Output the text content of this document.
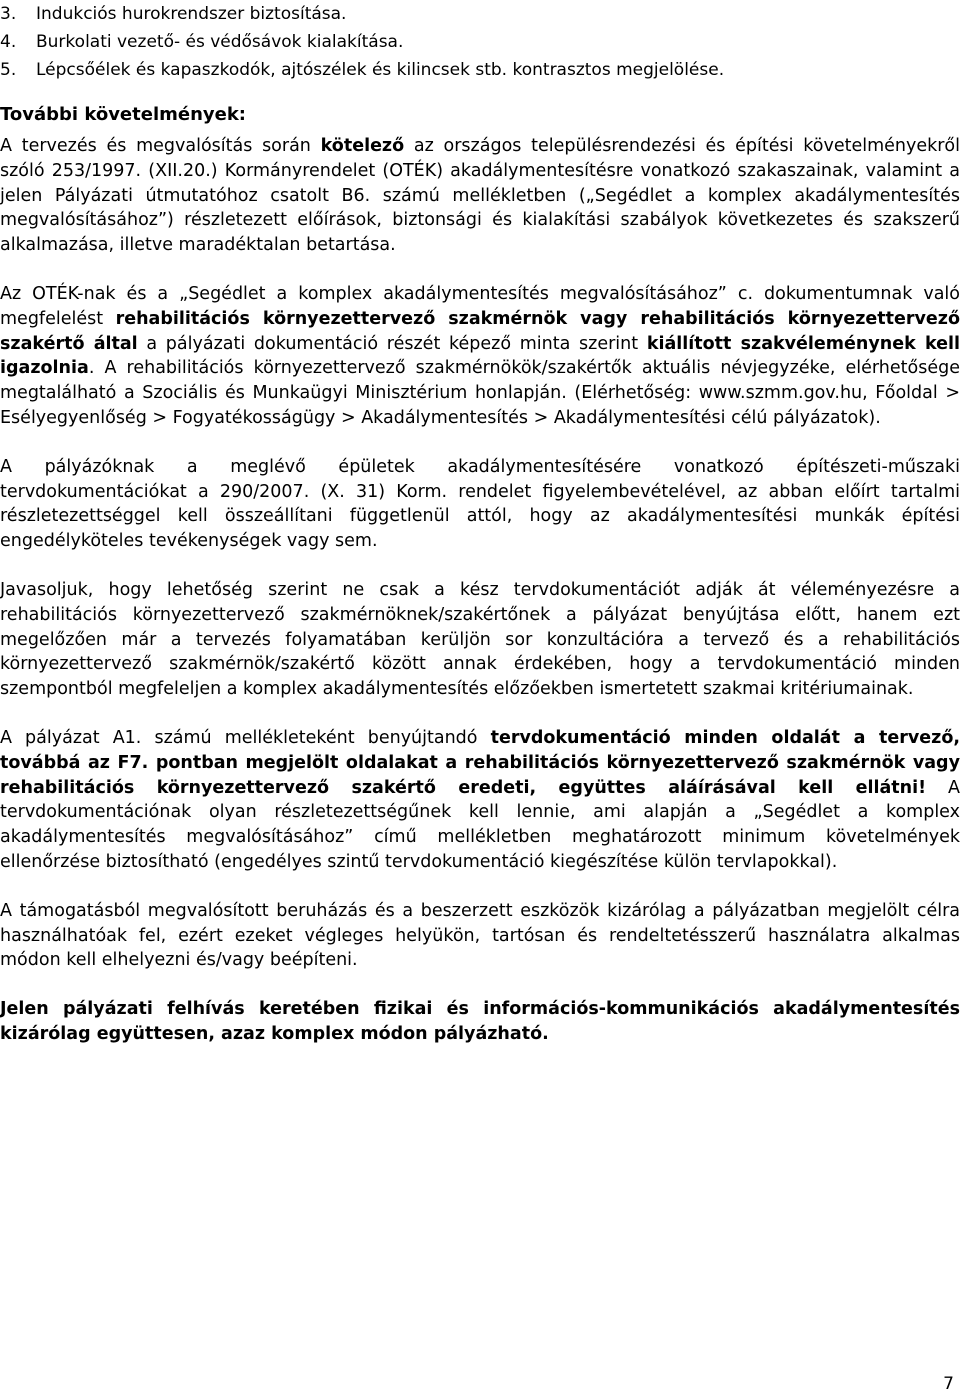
3.	Indukciós hurokrendszer biztosítása.
4.	Burkolati vezető- és védősávok kialakítása.
5.	Lépcsőélek és kapaszkodók, ajtószélek és kilincsek stb. kontrasztos megjelölése.
További követelmények:

A tervezés és megvalósítás során kötelező az országos településrendezési és építési követelményekről szóló 253/1997. (XII.20.) Kormányrendelet (OTÉK) akadálymentesítésre vonatkozó szakaszainak, valamint a jelen Pályázati útmutatóhoz csatolt B6. számú mellékletben („Segédlet a komplex akadálymentesítés megvalósításához”) részletezett előírások, biztonsági és kialakítási szabályok következetes és szakszerű alkalmazása, illetve maradéktalan betartása.

Az OTÉK-nak és a „Segédlet a komplex akadálymentesítés megvalósításához” c. dokumentumnak való megfelelést rehabilitációs környezettervező szakmérnök vagy rehabilitációs környezettervező szakértő által a pályázati dokumentáció részét képező minta szerint kiállított szakvéleménynek kell igazolnia. A rehabilitációs környezettervező szakmérnökök/szakértők aktuális névjegyzéke, elérhetősége megtalálható a Szociális és Munkaügyi Minisztérium honlapján. (Elérhetőség: www.szmm.gov.hu, Főoldal > Esélyegyenlőség > Fogyatékosságügy > Akadálymentesítés > Akadálymentesítési célú pályázatok).

A pályázóknak a meglévő épületek akadálymentesítésére vonatkozó építészeti-műszaki tervdokumentációkat a 290/2007. (X. 31) Korm. rendelet figyelembevételével, az abban előírt tartalmi részletezettséggel kell összeállítani függetlenül attól, hogy az akadálymentesítési munkák építési engedélyköteles tevékenységek vagy sem.

Javasoljuk, hogy lehetőség szerint ne csak a kész tervdokumentációt adják át véleményezésre a rehabilitációs környezettervező szakmérnöknek/szakértőnek a pályázat benyújtása előtt, hanem ezt megelőzően már a tervezés folyamatában kerüljön sor konzultációra a tervező és a rehabilitációs környezettervező szakmérnök/szakértő között annak érdekében, hogy a tervdokumentáció minden szempontból megfeleljen a komplex akadálymentesítés előzőekben ismertetett szakmai kritériumainak.

A pályázat A1. számú mellékleteként benyújtandó tervdokumentáció minden oldalát a tervező, továbbá az F7. pontban megjelölt oldalakat a rehabilitációs környezettervező szakmérnök vagy rehabilitációs környezettervező szakértő eredeti, együttes aláírásával kell ellátni! A tervdokumentációnak olyan részletezettségűnek kell lennie, ami alapján a „Segédlet a komplex akadálymentesítés megvalósításához” című mellékletben meghatározott minimum követelmények ellenőrzése biztosítható (engedélyes szintű tervdokumentáció kiegészítése külön tervlapokkal).

A támogatásból megvalósított beruházás és a beszerzett eszközök kizárólag a pályázatban megjelölt célra használhatóak fel, ezért ezeket végleges helyükön, tartósan és rendeltetésszerű használatra alkalmas módon kell elhelyezni és/vagy beépíteni.

Jelen pályázati felhívás keretében fizikai és információs-kommunikációs akadálymentesítés kizárólag együttesen, azaz komplex módon pályázható.

7
